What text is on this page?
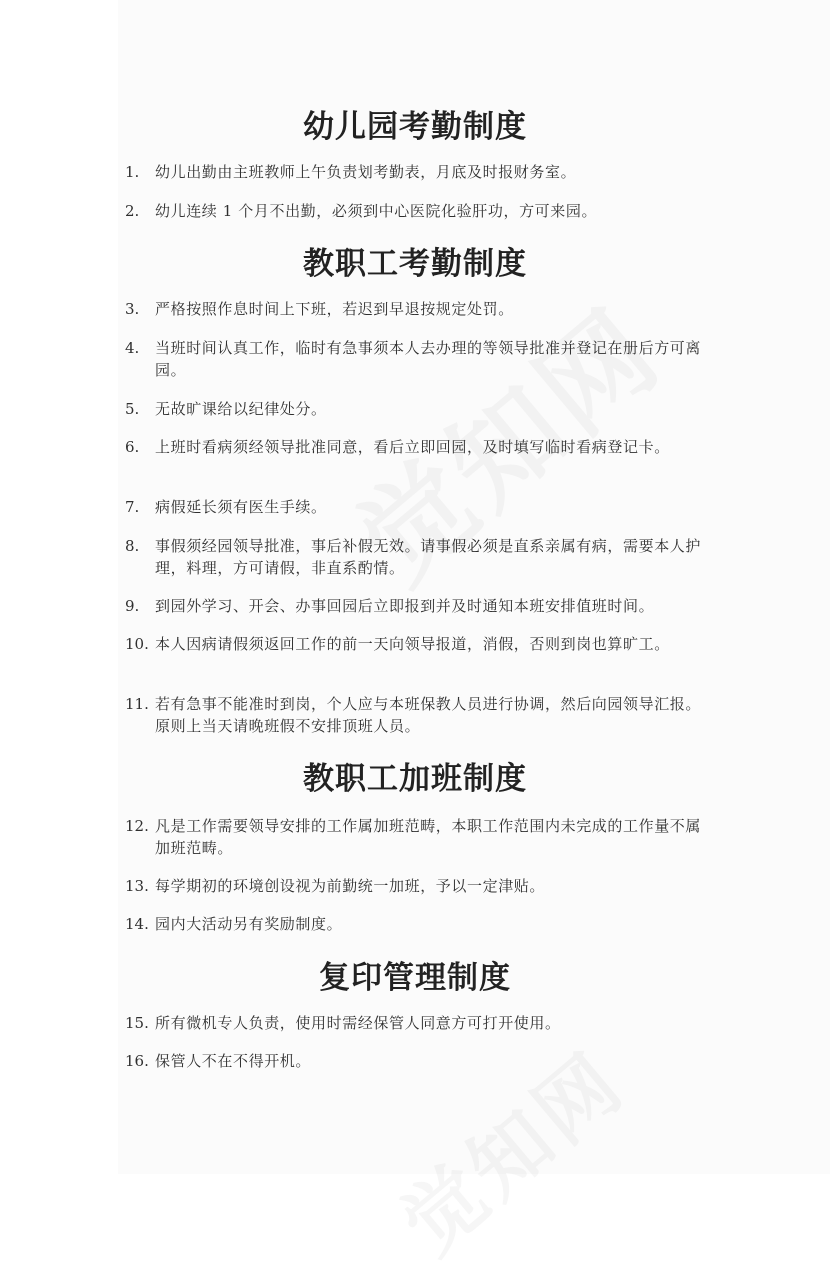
幼儿园考勤制度
1.	幼儿出勤由主班教师上午负责划考勤表，月底及时报财务室。
2.	幼儿连续 1 个月不出勤，必须到中心医院化验肝功，方可来园。
教职工考勤制度
3.	严格按照作息时间上下班，若迟到早退按规定处罚。
4.	当班时间认真工作，临时有急事须本人去办理的等领导批准并登记在册后方可离园。
5.	无故旷课给以纪律处分。
6.	上班时看病须经领导批准同意，看后立即回园，及时填写临时看病登记卡。
7.	病假延长须有医生手续。
8.	事假须经园领导批准，事后补假无效。请事假必须是直系亲属有病，需要本人护理，料理，方可请假，非直系酌情。
9.	到园外学习、开会、办事回园后立即报到并及时通知本班安排值班时间。
10. 本人因病请假须返回工作的前一天向领导报道，消假，否则到岗也算旷工。
11. 若有急事不能准时到岗，个人应与本班保教人员进行协调，然后向园领导汇报。原则上当天请晚班假不安排顶班人员。
教职工加班制度
12. 凡是工作需要领导安排的工作属加班范畴，本职工作范围内未完成的工作量不属加班范畴。
13. 每学期初的环境创设视为前勤统一加班，予以一定津贴。
14. 园内大活动另有奖励制度。
复印管理制度
15. 所有微机专人负责，使用时需经保管人同意方可打开使用。
16. 保管人不在不得开机。
